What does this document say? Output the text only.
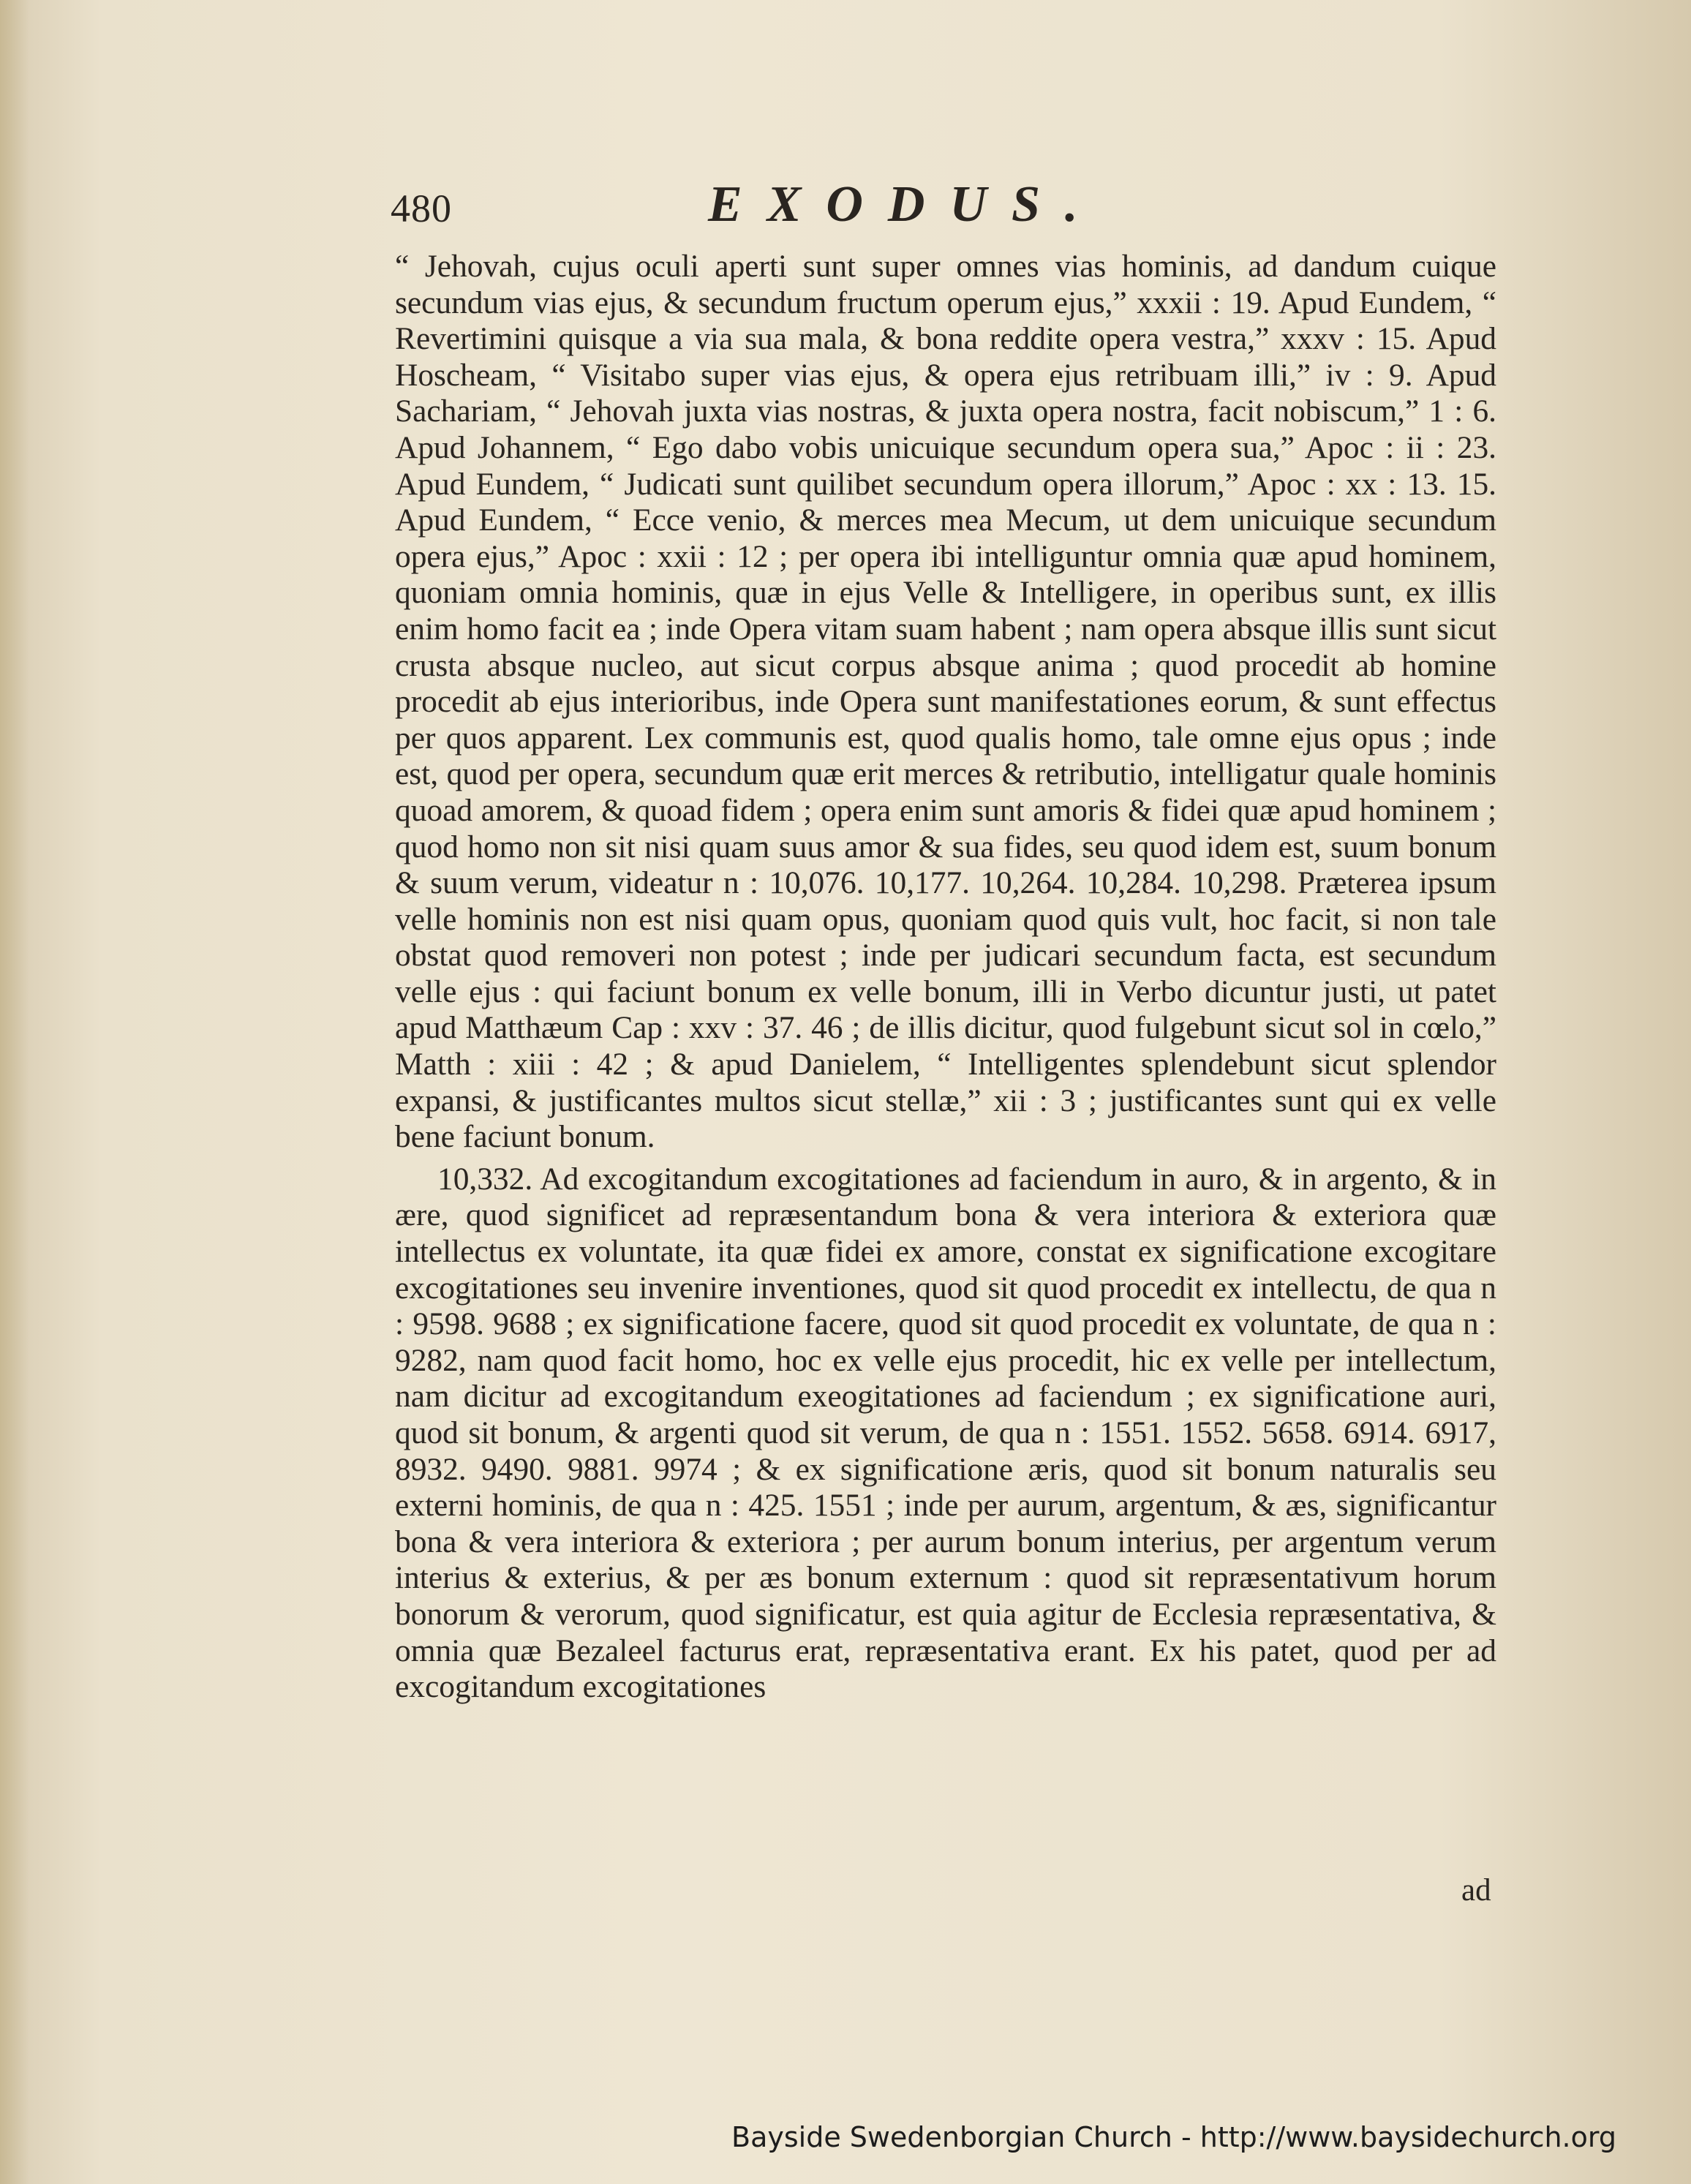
480	EXODUS.

“ Jehovah, cujus oculi aperti sunt super omnes vias hominis, ad dandum cuique secundum vias ejus, & secundum fructum operum ejus,” xxxii : 19. Apud Eundem, “ Revertimini quisque a via sua mala, & bona reddite opera vestra,” xxxv : 15. Apud Hoscheam, “ Visitabo super vias ejus, & opera ejus retribuam illi,” iv : 9. Apud Sachariam, “ Jehovah juxta vias nostras, & juxta opera nostra, facit nobiscum,” 1 : 6. Apud Johannem, “ Ego dabo vobis unicuique secundum opera sua,” Apoc : ii : 23. Apud Eundem, “ Judicati sunt quilibet secundum opera illorum,” Apoc : xx : 13. 15. Apud Eundem, “ Ecce venio, & merces mea Mecum, ut dem unicuique secundum opera ejus,” Apoc : xxii : 12 ; per opera ibi intelliguntur omnia quæ apud hominem, quoniam omnia hominis, quæ in ejus Velle & Intelligere, in operibus sunt, ex illis enim homo facit ea ; inde Opera vitam suam habent ; nam opera absque illis sunt sicut crusta absque nucleo, aut sicut corpus absque anima ; quod procedit ab homine procedit ab ejus interioribus, inde Opera sunt manifestationes eorum, & sunt effectus per quos apparent. Lex communis est, quod qualis homo, tale omne ejus opus ; inde est, quod per opera, secundum quæ erit merces & retributio, intelligatur quale hominis quoad amorem, & quoad fidem ; opera enim sunt amoris & fidei quæ apud hominem ; quod homo non sit nisi quam suus amor & sua fides, seu quod idem est, suum bonum & suum verum, videatur n : 10,076. 10,177. 10,264. 10,284. 10,298. Præterea ipsum velle hominis non est nisi quam opus, quoniam quod quis vult, hoc facit, si non tale obstat quod removeri non potest ; inde per judicari secundum facta, est secundum velle ejus : qui faciunt bonum ex velle bonum, illi in Verbo dicuntur justi, ut patet apud Matthæum Cap : xxv : 37. 46 ; de illis dicitur, quod fulgebunt sicut sol in cœlo,” Matth : xiii : 42 ; & apud Danielem, “ Intelligentes splendebunt sicut splendor expansi, & justificantes multos sicut stellæ,” xii : 3 ; justificantes sunt qui ex velle bene faciunt bonum.

10,332. Ad excogitandum excogitationes ad faciendum in auro, & in argento, & in ære, quod significet ad repræsentandum bona & vera interiora & exteriora quæ intellectus ex voluntate, ita quæ fidei ex amore, constat ex significatione excogitare excogitationes seu invenire inventiones, quod sit quod procedit ex intellectu, de qua n : 9598. 9688 ; ex significatione facere, quod sit quod procedit ex voluntate, de qua n : 9282, nam quod facit homo, hoc ex velle ejus procedit, hic ex velle per intellectum, nam dicitur ad excogitandum exeogitationes ad faciendum ; ex significatione auri, quod sit bonum, & argenti quod sit verum, de qua n : 1551. 1552. 5658. 6914. 6917, 8932. 9490. 9881. 9974 ; & ex significatione æris, quod sit bonum naturalis seu externi hominis, de qua n : 425. 1551 ; inde per aurum, argentum, & æs, significantur bona & vera interiora & exteriora ; per aurum bonum interius, per argentum verum interius & exterius, & per æs bonum externum : quod sit repræsentativum horum bonorum & verorum, quod significatur, est quia agitur de Ecclesia repræsentativa, & omnia quæ Bezaleel facturus erat, repræsentativa erant. Ex his patet, quod per ad excogitandum excogitationes

ad
Bayside Swedenborgian Church - http://www.baysidechurch.org
